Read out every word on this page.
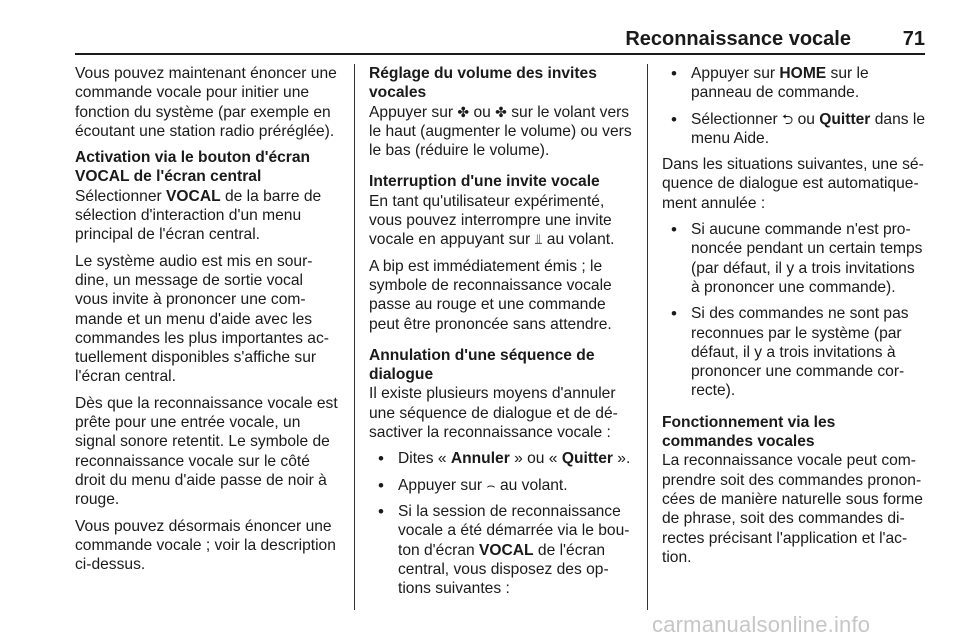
Reconnaissance vocale	71

Vous pouvez maintenant énoncer une commande vocale pour initier une fonction du système (par exemple en écoutant une station radio préréglée).

Activation via le bouton d'écran VOCAL de l'écran central

Sélectionner VOCAL de la barre de sélection d'interaction d'un menu principal de l'écran central.

Le système audio est mis en sourdine, un message de sortie vocal vous invite à prononcer une commande et un menu d'aide avec les commandes les plus importantes actuellement disponibles s'affiche sur l'écran central.

Dès que la reconnaissance vocale est prête pour une entrée vocale, un signal sonore retentit. Le symbole de reconnaissance vocale sur le côté droit du menu d'aide passe de noir à rouge.

Vous pouvez désormais énoncer une commande vocale ; voir la description ci-dessus.

Réglage du volume des invites vocales

Appuyer sur ✤ ou ✤ sur le volant vers le haut (augmenter le volume) ou vers le bas (réduire le volume).

Interruption d'une invite vocale

En tant qu'utilisateur expérimenté, vous pouvez interrompre une invite vocale en appuyant sur ⫫ au volant.

A bip est immédiatement émis ; le symbole de reconnaissance vocale passe au rouge et une commande peut être prononcée sans attendre.

Annulation d'une séquence de dialogue

Il existe plusieurs moyens d'annuler une séquence de dialogue et de désactiver la reconnaissance vocale :

• Dites « Annuler » ou « Quitter ».
• Appuyer sur ⌢ au volant.
• Si la session de reconnaissance vocale a été démarrée via le bouton d'écran VOCAL de l'écran central, vous disposez des options suivantes :
• Appuyer sur HOME sur le panneau de commande.
• Sélectionner ⮌ ou Quitter dans le menu Aide.

Dans les situations suivantes, une séquence de dialogue est automatiquement annulée :

• Si aucune commande n'est prononcée pendant un certain temps (par défaut, il y a trois invitations à prononcer une commande).
• Si des commandes ne sont pas reconnues par le système (par défaut, il y a trois invitations à prononcer une commande correcte).
Fonctionnement via les commandes vocales

La reconnaissance vocale peut comprendre soit des commandes prononcées de manière naturelle sous forme de phrase, soit des commandes directes précisant l'application et l'action.

carmanualsonline.info
